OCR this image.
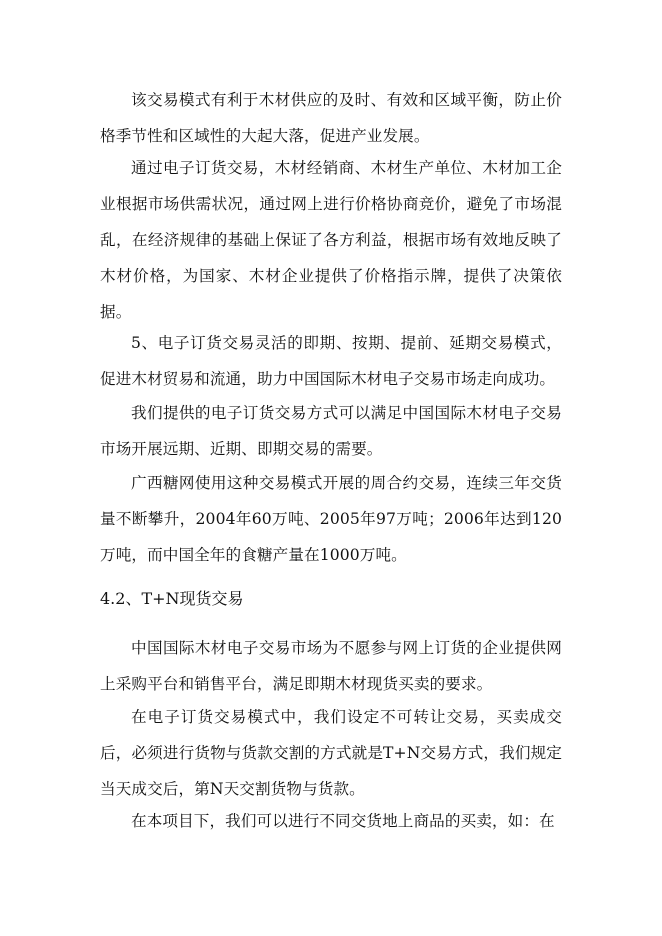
该交易模式有利于木材供应的及时、有效和区域平衡，防止价格季节性和区域性的大起大落，促进产业发展。

通过电子订货交易，木材经销商、木材生产单位、木材加工企业根据市场供需状况，通过网上进行价格协商竞价，避免了市场混乱，在经济规律的基础上保证了各方利益，根据市场有效地反映了木材价格，为国家、木材企业提供了价格指示牌，提供了决策依据。

5、电子订货交易灵活的即期、按期、提前、延期交易模式，促进木材贸易和流通，助力中国国际木材电子交易市场走向成功。

我们提供的电子订货交易方式可以满足中国国际木材电子交易市场开展远期、近期、即期交易的需要。

广西糖网使用这种交易模式开展的周合约交易，连续三年交货量不断攀升，2004年60万吨、2005年97万吨；2006年达到120万吨，而中国全年的食糖产量在1000万吨。

4.2、T+N现货交易

中国国际木材电子交易市场为不愿参与网上订货的企业提供网上采购平台和销售平台，满足即期木材现货买卖的要求。

在电子订货交易模式中，我们设定不可转让交易，买卖成交后，必须进行货物与货款交割的方式就是T+N交易方式，我们规定当天成交后，第N天交割货物与货款。

在本项目下，我们可以进行不同交货地上商品的买卖，如：在
